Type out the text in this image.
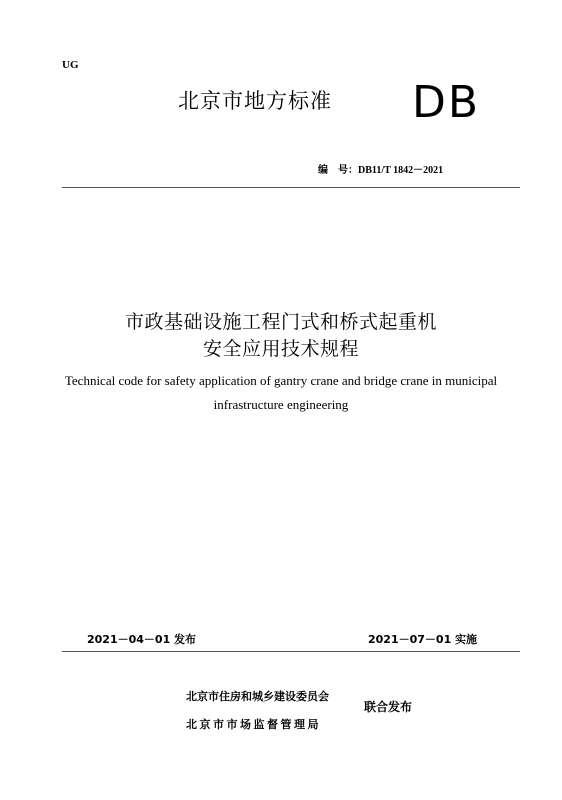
UG
北京市地方标准 DB
编　号：DB11/T 1842－2021
市政基础设施工程门式和桥式起重机
安全应用技术规程
Technical code for safety application of gantry crane and bridge crane in municipal infrastructure engineering
2021－04－01 发布	2021－07－01 实施
北京市住房和城乡建设委员会
北京市市场监督管理局
联合发布
